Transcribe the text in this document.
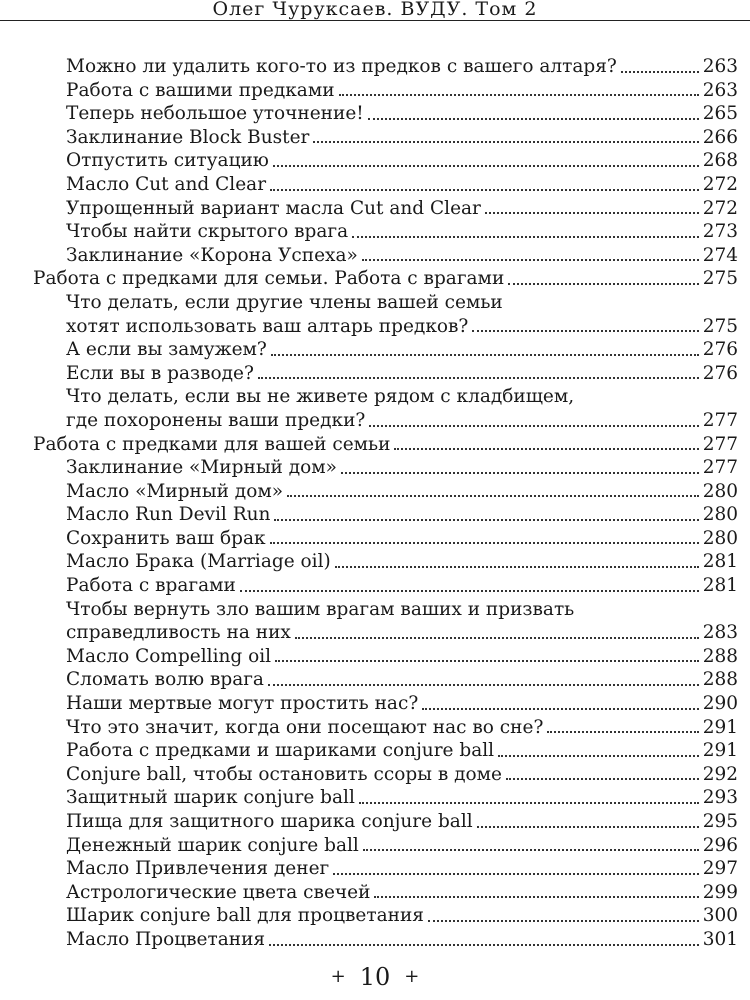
Олег Чуруксаев. ВУДУ. Том 2
Можно ли удалить кого-то из предков с вашего алтаря?	263
Работа с вашими предками	263
Теперь небольшое уточнение!	265
Заклинание Block Buster	266
Отпустить ситуацию	268
Масло Cut and Clear	272
Упрощенный вариант масла Cut and Clear	272
Чтобы найти скрытого врага	273
Заклинание «Корона Успеха»	274
Работа с предками для семьи. Работа с врагами	275
Что делать, если другие члены вашей семьи
хотят использовать ваш алтарь предков?	275
А если вы замужем?	276
Если вы в разводе?	276
Что делать, если вы не живете рядом с кладбищем,
где похоронены ваши предки?	277
Работа с предками для вашей семьи	277
Заклинание «Мирный дом»	277
Масло «Мирный дом»	280
Масло Run Devil Run	280
Сохранить ваш брак	280
Масло Брака (Marriage oil)	281
Работа с врагами	281
Чтобы вернуть зло вашим врагам ваших и призвать
справедливость на них	283
Масло Compelling oil	288
Сломать волю врага	288
Наши мертвые могут простить нас?	290
Что это значит, когда они посещают нас во сне?	291
Работа с предками и шариками conjure ball	291
Conjure ball, чтобы остановить ссоры в доме	292
Защитный шарик conjure ball	293
Пища для защитного шарика conjure ball	295
Денежный шарик conjure ball	296
Масло Привлечения денег	297
Астрологические цвета свечей	299
Шарик conjure ball для процветания	300
Масло Процветания	301
+ 10 +
